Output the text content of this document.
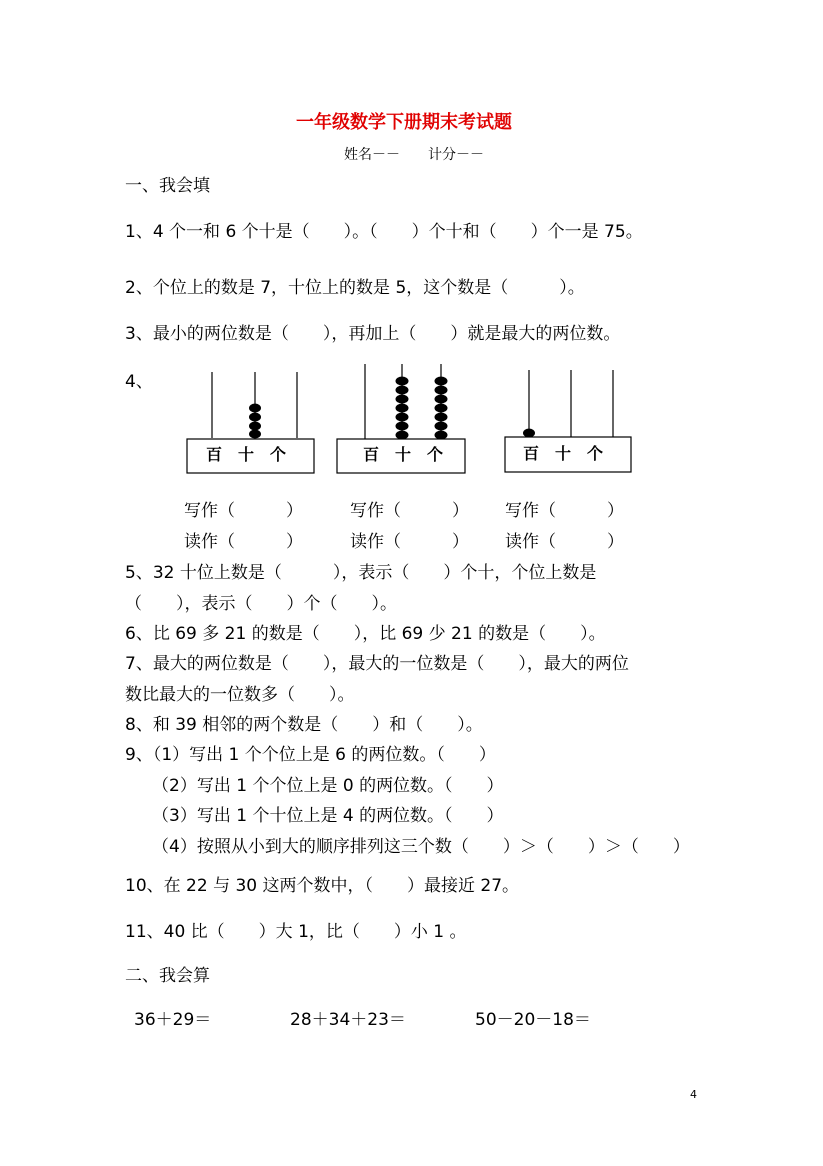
一年级数学下册期末考试题
姓名－－　　计分－－
一、我会填
1、4 个一和 6 个十是（　　）。（　　）个十和（　　）个一是 75。
2、个位上的数是 7，十位上的数是 5，这个数是（　　　）。
3、最小的两位数是（　　），再加上（　　）就是最大的两位数。
4、
百　十　个	百　十　个	百　十　个
写作（　　　）	写作（　　　） 写作（　　　）
读作（　　　）	读作（　　　） 读作（　　　）
5、32 十位上数是（　　　），表示（　　）个十，个位上数是
（　　），表示（　　）个（　　）。
6、比 69 多 21 的数是（　　），比 69 少 21 的数是（　　）。
7、最大的两位数是（　　），最大的一位数是（　　），最大的两位
数比最大的一位数多（　　）。
8、和 39 相邻的两个数是（　　）和（　　）。
9、（1）写出 1 个个位上是 6 的两位数。（　　）
（2）写出 1 个个位上是 0 的两位数。（　　）
（3）写出 1 个十位上是 4 的两位数。（　　）
（4）按照从小到大的顺序排列这三个数（　　）＞（　　）＞（　　）
10、在 22 与 30 这两个数中，（　　）最接近 27。
11、40 比（　　）大 1，比（　　）小 1 。
二、我会算
36＋29＝	28＋34＋23＝	50－20－18＝
4
